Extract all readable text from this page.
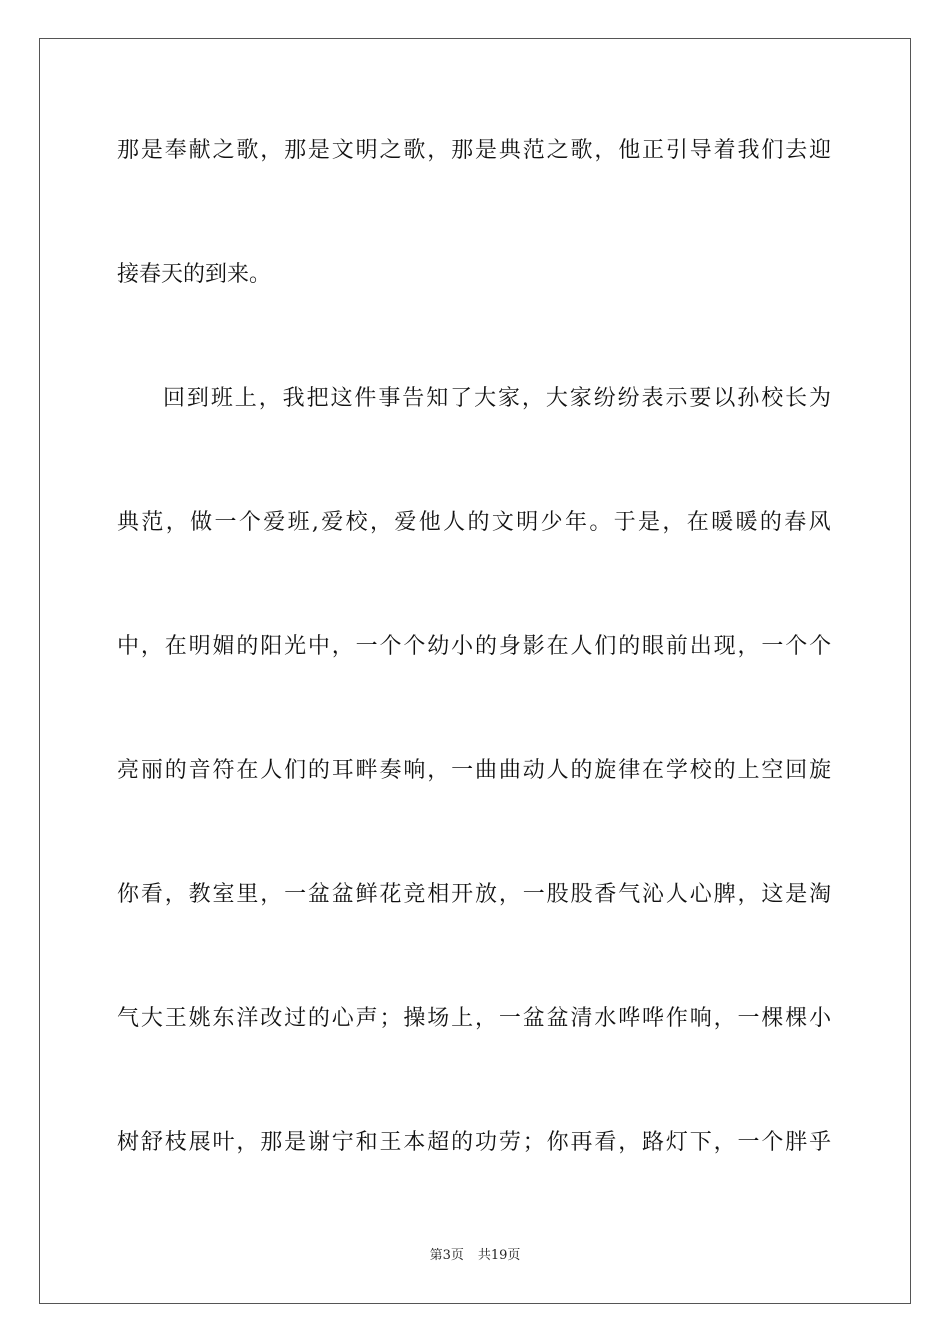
那是奉献之歌，那是文明之歌，那是典范之歌，他正引导着我们去迎
接春天的到来。
回到班上，我把这件事告知了大家，大家纷纷表示要以孙校长为
典范，做一个爱班,爱校，爱他人的文明少年。于是，在暖暖的春风
中，在明媚的阳光中，一个个幼小的身影在人们的眼前出现，一个个
亮丽的音符在人们的耳畔奏响，一曲曲动人的旋律在学校的上空回旋
你看，教室里，一盆盆鲜花竞相开放，一股股香气沁人心脾，这是淘
气大王姚东洋改过的心声；操场上，一盆盆清水哗哗作响，一棵棵小
树舒枝展叶，那是谢宁和王本超的功劳；你再看，路灯下，一个胖乎
第3页 共19页
